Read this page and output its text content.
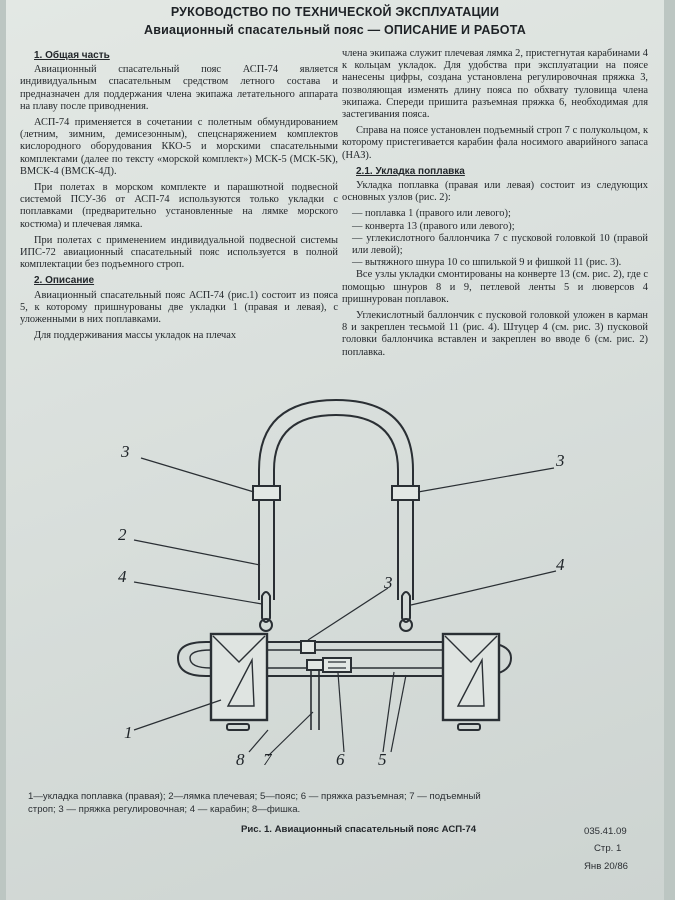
РУКОВОДСТВО ПО ТЕХНИЧЕСКОЙ ЭКСПЛУАТАЦИИ
Авиационный спасательный пояс — ОПИСАНИЕ И РАБОТА
1. Общая часть

Авиационный спасательный пояс АСП-74 является индивидуальным спасательным средством летного состава и предназначен для поддержания члена экипажа летательного аппарата на плаву после приводнения.

АСП-74 применяется в сочетании с полетным обмундированием (летним, зимним, демисезонным), спецснаряжением комплектов кислородного оборудования ККО-5 и морскими спасательными комплектами (далее по тексту «морской комплект») МСК-5 (МСК-5К), ВМСК-4 (ВМСК-4Д).

При полетах в морском комплекте и парашютной подвесной системой ПСУ-36 от АСП-74 используются только укладки с поплавками (предварительно установленные на лямке морского костюма) и плечевая лямка.

При полетах с применением индивидуальной подвесной системы ИПС-72 авиационный спасательный пояс используется в полной комплектации без подъемного строп.

2. Описание

Авиационный спасательный пояс АСП-74 (рис.1) состоит из пояса 5, к которому пришнурованы две укладки 1 (правая и левая), с уложенными в них поплавками.

Для поддерживания массы укладок на плечах

члена экипажа служит плечевая лямка 2, пристегнутая карабинами 4 к кольцам укладок. Для удобства при эксплуатации на поясе нанесены цифры, создана установлена регулировочная пряжка 3, позволяющая изменять длину пояса по обхвату туловища члена экипажа. Спереди пришита разъемная пряжка 6, необходимая для застегивания пояса.

Справа на поясе установлен подъемный строп 7 с полукольцом, к которому пристегивается карабин фала носимого аварийного запаса (НАЗ).

2.1. Укладка поплавка

Укладка поплавка (правая или левая) состоит из следующих основных узлов (рис. 2):

— поплавка 1 (правого или левого);

— конверта 13 (правого или левого);

— углекислотного баллончика 7 с пусковой головкой 10 (правой или левой);

— вытяжного шнура 10 со шпилькой 9 и фишкой 11 (рис. 3).

Все узлы укладки смонтированы на конверте 13 (см. рис. 2), где с помощью шнуров 8 и 9, петлевой ленты 5 и люверсов 4 пришнурован поплавок.

Углекислотный баллончик с пусковой головкой уложен в карман 8 и закреплен тесьмой 11 (рис. 4). Штуцер 4 (см. рис. 3) пусковой головки баллончика вставлен и закреплен во вводе 6 (см. рис. 2) поплавка.

3	3
2
4
4
3
1
8 7	6 5
1—укладка поплавка (правая); 2—лямка плечевая; 5—пояс; 6 — пряжка разъемная; 7 — подъемный
строп; 3 — пряжка регулировочная; 4 — карабин; 8—фишка.
Рис. 1. Авиационный спасательный пояс АСП-74	035.41.09
Стр. 1
Янв 20/86
